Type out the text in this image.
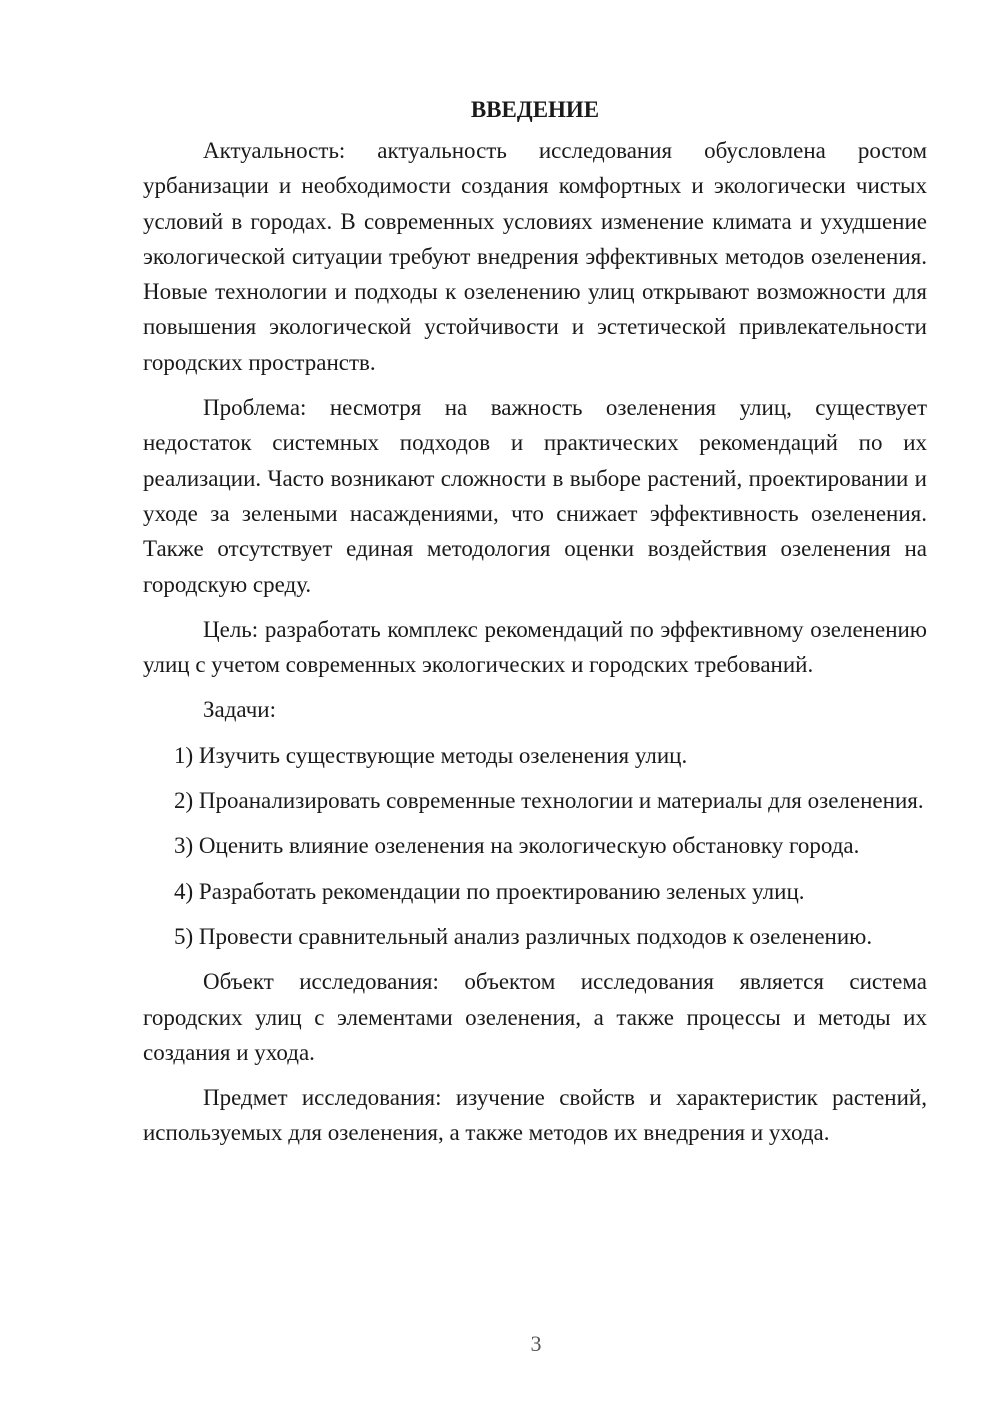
ВВЕДЕНИЕ

Актуальность: актуальность исследования обусловлена ростом урбанизации и необходимости создания комфортных и экологически чистых условий в городах. В современных условиях изменение климата и ухудшение экологической ситуации требуют внедрения эффективных методов озеленения. Новые технологии и подходы к озеленению улиц открывают возможности для повышения экологической устойчивости и эстетической привлекательности городских пространств.

Проблема: несмотря на важность озеленения улиц, существует недостаток системных подходов и практических рекомендаций по их реализации. Часто возникают сложности в выборе растений, проектировании и уходе за зелеными насаждениями, что снижает эффективность озеленения. Также отсутствует единая методология оценки воздействия озеленения на городскую среду.

Цель: разработать комплекс рекомендаций по эффективному озеленению улиц с учетом современных экологических и городских требований.

Задачи:

1) Изучить существующие методы озеленения улиц.

2) Проанализировать современные технологии и материалы для озеленения.

3) Оценить влияние озеленения на экологическую обстановку города.

4) Разработать рекомендации по проектированию зеленых улиц.

5) Провести сравнительный анализ различных подходов к озеленению.

Объект исследования: объектом исследования является система городских улиц с элементами озеленения, а также процессы и методы их создания и ухода.

Предмет исследования: изучение свойств и характеристик растений, используемых для озеленения, а также методов их внедрения и ухода.

3
